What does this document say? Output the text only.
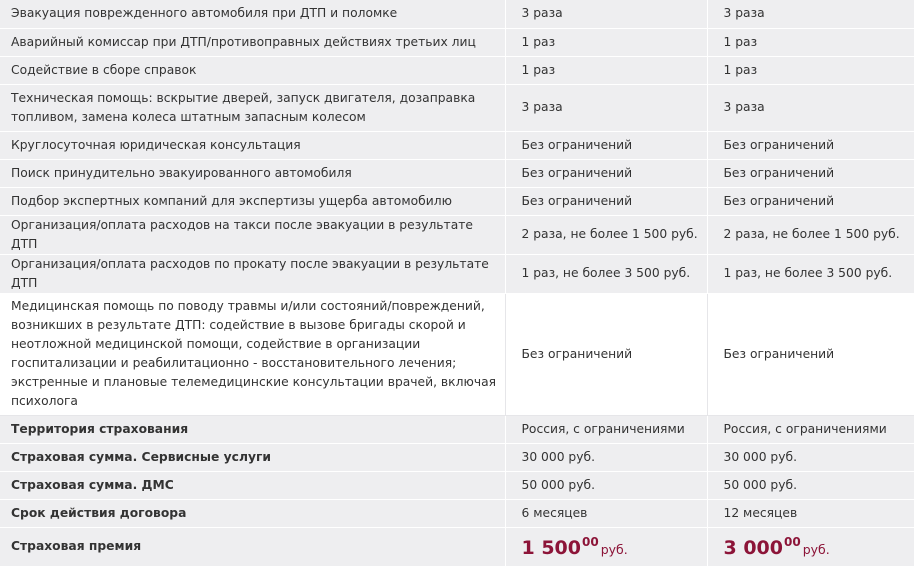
Эвакуация поврежденного автомобиля при ДТП и поломке	3 раза	3 раза
Аварийный комиссар при ДТП/противоправных действиях третьих лиц	1 раз	1 раз
Содействие в сборе справок	1 раз	1 раз
Техническая помощь: вскрытие дверей, запуск двигателя, дозаправка топливом, замена колеса штатным запасным колесом	3 раза	3 раза
Круглосуточная юридическая консультация	Без ограничений	Без ограничений
Поиск принудительно эвакуированного автомобиля	Без ограничений	Без ограничений
Подбор экспертных компаний для экспертизы ущерба автомобилю	Без ограничений	Без ограничений
Организация/оплата расходов на такси после эвакуации в результате ДТП	2 раза, не более 1 500 руб.	2 раза, не более 1 500 руб.
Организация/оплата расходов по прокату после эвакуации в результате ДТП	1 раз, не более 3 500 руб.	1 раз, не более 3 500 руб.
Медицинская помощь по поводу травмы и/или состояний/повреждений, возникших в результате ДТП: содействие в вызове бригады скорой и неотложной медицинской помощи, содействие в организации госпитализации и реабилитационно - восстановительного лечения; экстренные и плановые телемедицинские консультации врачей, включая психолога	Без ограничений	Без ограничений
Территория страхования	Россия, с ограничениями	Россия, с ограничениями
Страховая сумма. Сервисные услуги	30 000 руб.	30 000 руб.
Страховая сумма. ДМС	50 000 руб.	50 000 руб.
Срок действия договора	6 месяцев	12 месяцев
Страховая премия	1 50000 руб.	3 00000 руб.
